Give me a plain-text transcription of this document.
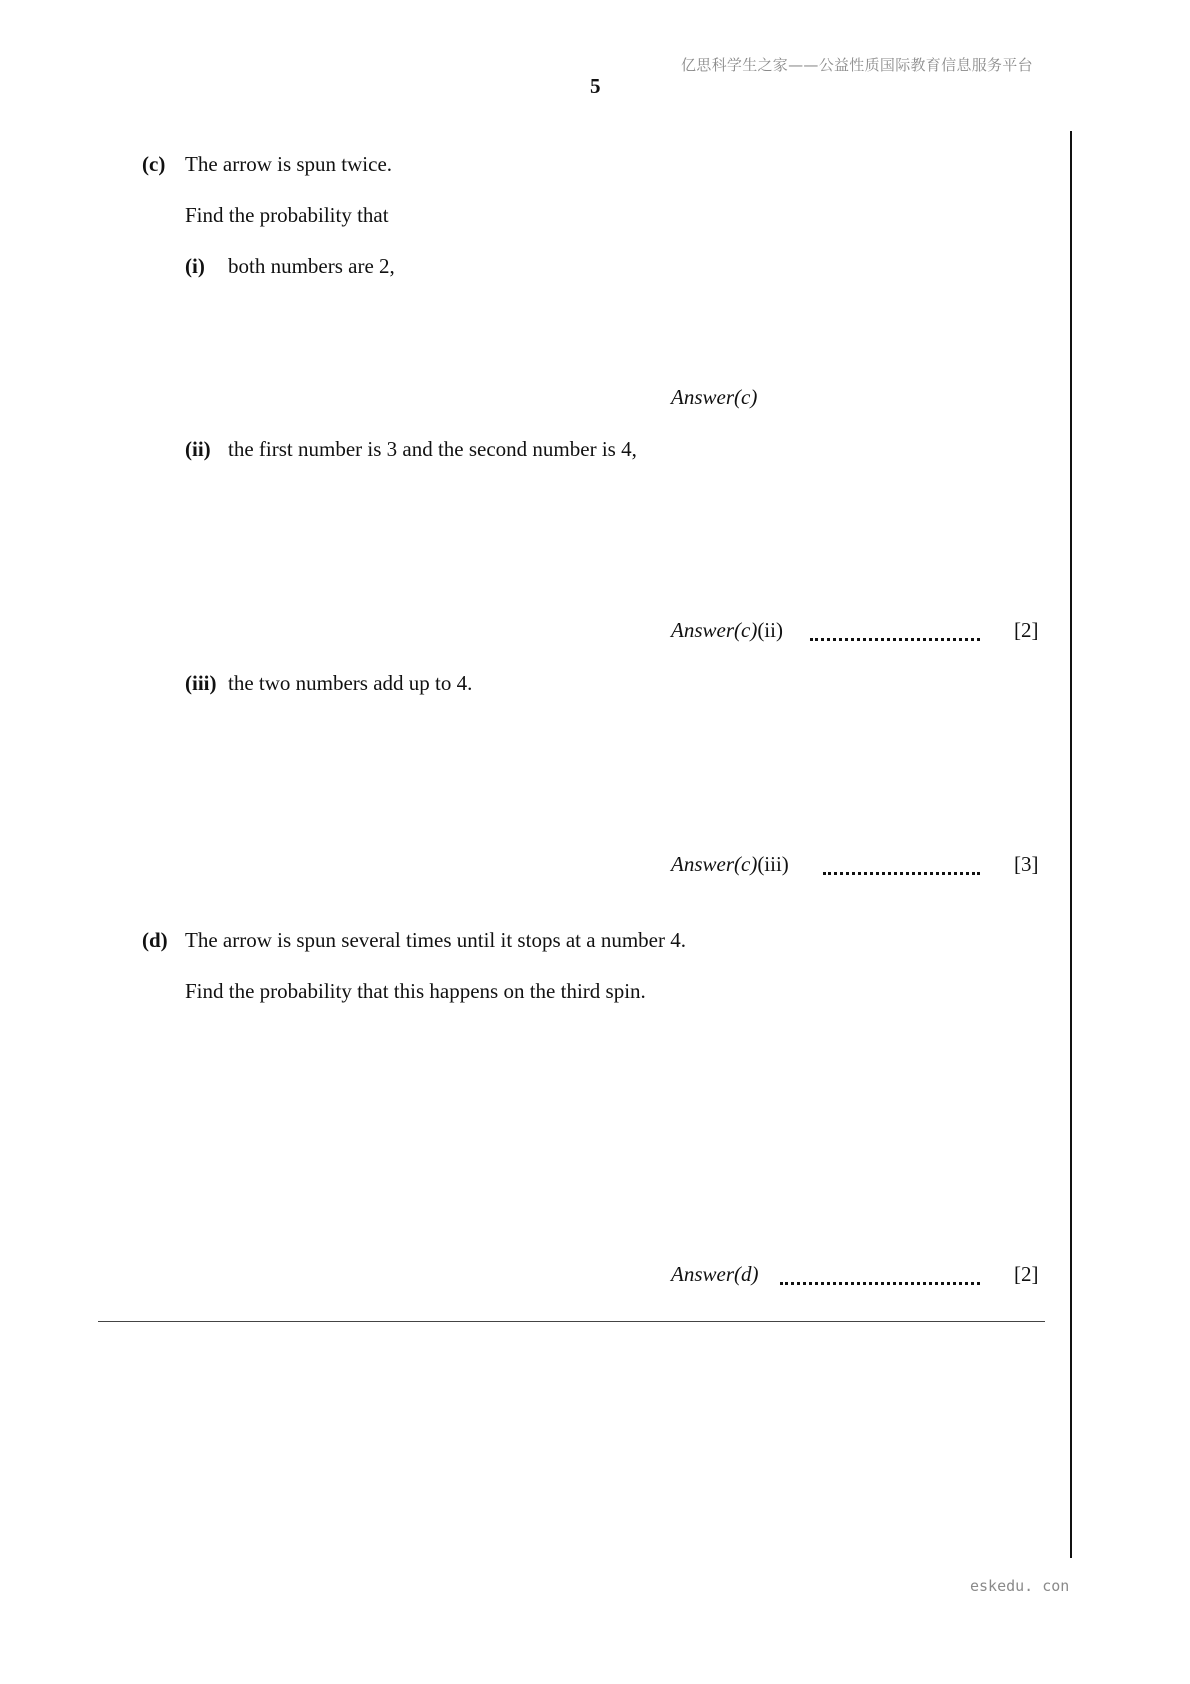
亿思科学生之家——公益性质国际教育信息服务平台
5
(c) The arrow is spun twice.
Find the probability that
(i) both numbers are 2,
Answer(c)
(ii) the first number is 3 and the second number is 4,
Answer(c)(ii)	[2]
(iii) the two numbers add up to 4.
Answer(c)(iii)	[3]
(d) The arrow is spun several times until it stops at a number 4.
Find the probability that this happens on the third spin.
Answer(d)	[2]
eskedu. con
